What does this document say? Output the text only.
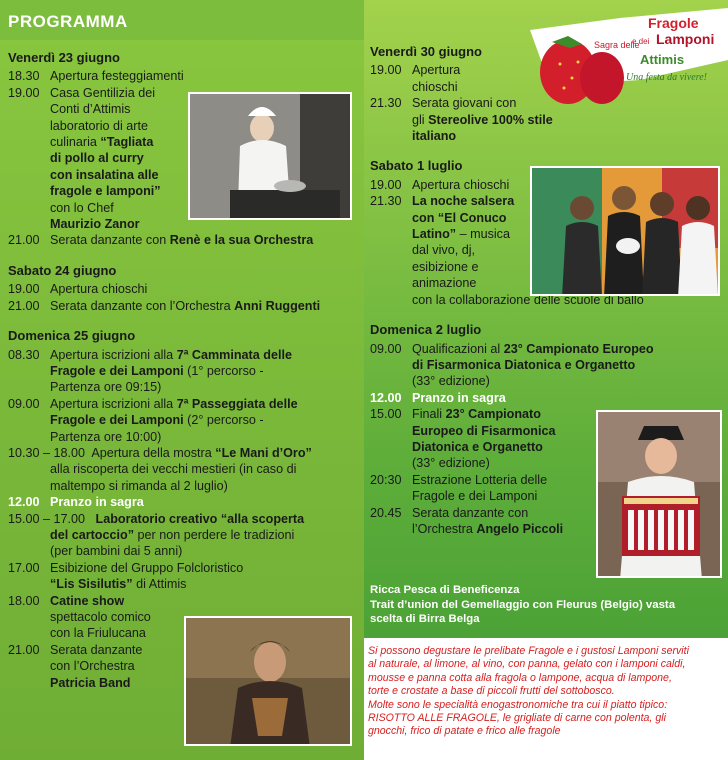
PROGRAMMA
Sagra delle
Fragole
e dei Lamponi
Attimis
Una festa da vivere!
Venerdì 23 giugno
18.30 Apertura festeggiamenti
19.00 Casa Gentilizia dei
Conti d’Attimis
laboratorio di arte
culinaria “Tagliata
di pollo al curry
con insalatina alle
fragole e lamponi”
con lo Chef
Maurizio Zanor
21.00 Serata danzante con Renè e la sua Orchestra
Sabato 24 giugno
19.00 Apertura chioschi
21.00 Serata danzante con l’Orchestra Anni Ruggenti
Domenica 25 giugno
08.30 Apertura iscrizioni alla 7ª Camminata delle
Fragole e dei Lamponi (1° percorso -
Partenza ore 09:15)
09.00 Apertura iscrizioni alla 7ª Passeggiata delle
Fragole e dei Lamponi (2° percorso -
Partenza ore 10:00)
10.30 – 18.00 Apertura della mostra “Le Mani d’Oro”
alla riscoperta dei vecchi mestieri (in caso di
maltempo si rimanda al 2 luglio)
12.00 Pranzo in sagra
15.00 – 17.00 Laboratorio creativo “alla scoperta
del cartoccio” per non perdere le tradizioni
(per bambini dai 5 anni)
17.00 Esibizione del Gruppo Folcloristico
“Lis Sisilutis” di Attimis
18.00 Catine show
spettacolo comico
con la Friulucana
21.00 Serata danzante
con l’Orchestra
Patricia Band
Venerdì 30 giugno
19.00 Apertura
chioschi
21.30 Serata giovani con
gli Stereolive 100% stile
italiano
Sabato 1 luglio
19.00 Apertura chioschi
21.30 La noche salsera
con “El Conuco
Latino” – musica
dal vivo, dj,
esibizione e
animazione
con la collaborazione delle scuole di ballo
Domenica 2 luglio
09.00 Qualificazioni al 23° Campionato Europeo
di Fisarmonica Diatonica e Organetto
(33° edizione)
12.00 Pranzo in sagra
15.00 Finali 23° Campionato
Europeo di Fisarmonica
Diatonica e Organetto
(33° edizione)
20:30 Estrazione Lotteria delle
Fragole e dei Lamponi
20.45 Serata danzante con
l’Orchestra Angelo Piccoli
Ricca Pesca di Beneficenza
Trait d’union del Gemellaggio con Fleurus (Belgio) vasta
scelta di Birra Belga
Si possono degustare le prelibate Fragole e i gustosi Lamponi serviti
al naturale, al limone, al vino, con panna, gelato con i lamponi caldi,
mousse e panna cotta alla fragola o lampone, acqua di lampone,
torte e crostate a base di piccoli frutti del sottobosco.
Molte sono le specialità enogastronomiche tra cui il piatto tipico:
RISOTTO ALLE FRAGOLE, le grigliate di carne con polenta, gli
gnocchi, frico di patate e frico alle fragole
